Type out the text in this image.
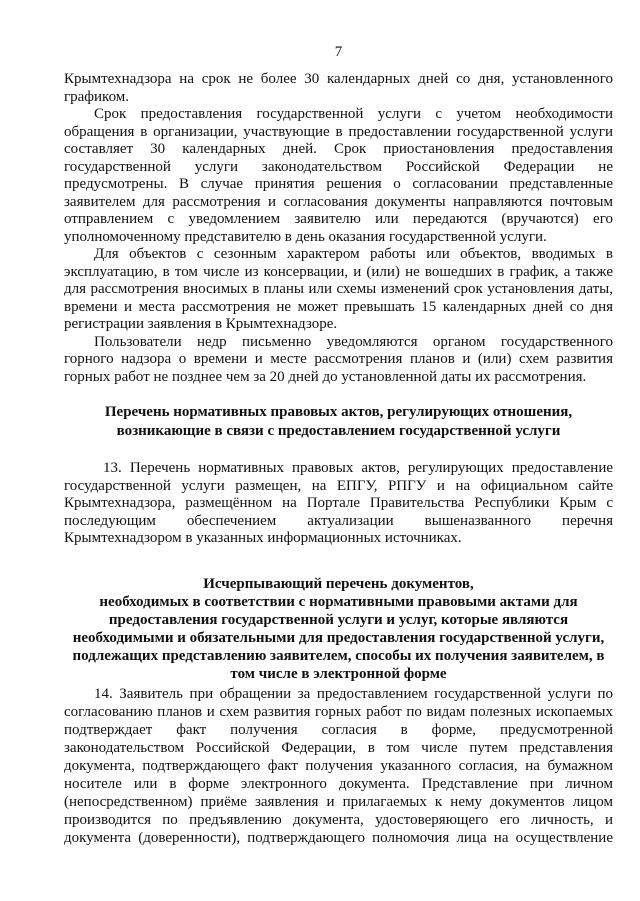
7
Крымтехнадзора на срок не более 30 календарных дней со дня, установленного
графиком.
Срок предоставления государственной услуги с учетом необходимости
обращения в организации, участвующие в предоставлении государственной услуги
составляет 30 календарных дней. Срок приостановления предоставления
государственной услуги законодательством Российской Федерации не
предусмотрены. В случае принятия решения о согласовании представленные
заявителем для рассмотрения и согласования документы направляются почтовым
отправлением с уведомлением заявителю или передаются (вручаются) его
уполномоченному представителю в день оказания государственной услуги.
Для объектов с сезонным характером работы или объектов, вводимых в
эксплуатацию, в том числе из консервации, и (или) не вошедших в график, а также
для рассмотрения вносимых в планы или схемы изменений срок установления даты,
времени и места рассмотрения не может превышать 15 календарных дней со дня
регистрации заявления в Крымтехнадзоре.
Пользователи недр письменно уведомляются органом государственного
горного надзора о времени и месте рассмотрения планов и (или) схем развития
горных работ не позднее чем за 20 дней до установленной даты их рассмотрения.
Перечень нормативных правовых актов, регулирующих отношения,
возникающие в связи с предоставлением государственной услуги
13. Перечень нормативных правовых актов, регулирующих предоставление
государственной услуги размещен, на ЕПГУ, РПГУ и на официальном сайте
Крымтехнадзора, размещённом на Портале Правительства Республики Крым с
последующим обеспечением актуализации вышеназванного перечня
Крымтехнадзором в указанных информационных источниках.
Исчерпывающий перечень документов,
необходимых в соответствии с нормативными правовыми актами для
предоставления государственной услуги и услуг, которые являются
необходимыми и обязательными для предоставления государственной услуги,
подлежащих представлению заявителем, способы их получения заявителем, в
том числе в электронной форме
14. Заявитель при обращении за предоставлением государственной услуги по
согласованию планов и схем развития горных работ по видам полезных ископаемых
подтверждает факт получения согласия в форме, предусмотренной
законодательством Российской Федерации, в том числе путем представления
документа, подтверждающего факт получения указанного согласия, на бумажном
носителе или в форме электронного документа. Представление при личном
(непосредственном) приёме заявления и прилагаемых к нему документов лицом
производится по предъявлению документа, удостоверяющего его личность, и
документа (доверенности), подтверждающего полномочия лица на осуществление
